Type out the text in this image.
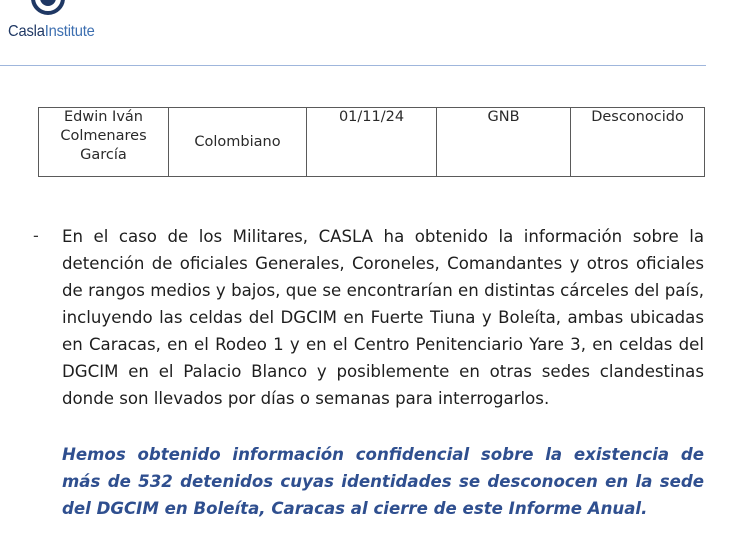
CaslaInstitute
Edwin Iván Colmenares García	Colombiano	01/11/24	GNB	Desconocido
- En el caso de los Militares, CASLA ha obtenido la información sobre la detención de oficiales Generales, Coroneles, Comandantes y otros oficiales de rangos medios y bajos, que se encontrarían en distintas cárceles del país, incluyendo las celdas del DGCIM en Fuerte Tiuna y Boleíta, ambas ubicadas en Caracas, en el Rodeo 1 y en el Centro Penitenciario Yare 3, en celdas del DGCIM en el Palacio Blanco y posiblemente en otras sedes clandestinas donde son llevados por días o semanas para interrogarlos.

Hemos obtenido información confidencial sobre la existencia de más de 532 detenidos cuyas identidades se desconocen en la sede del DGCIM en Boleíta, Caracas al cierre de este Informe Anual.
